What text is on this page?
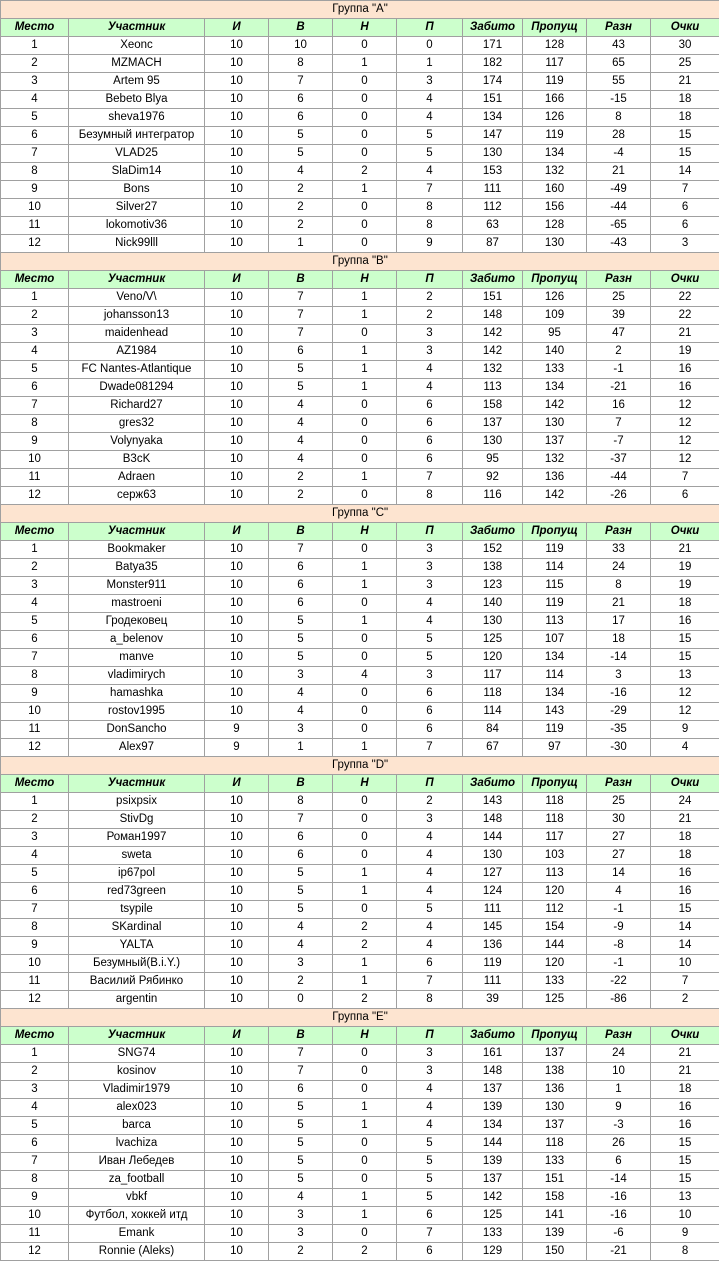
Группа "A"									
Место	Участник	И	В	Н	П	Забито	Пропущ	Разн	Очки
1	Xeonc	10	10	0	0	171	128	43	30
2	MZMACH	10	8	1	1	182	117	65	25
3	Artem 95	10	7	0	3	174	119	55	21
4	Bebeto Blya	10	6	0	4	151	166	-15	18
5	sheva1976	10	6	0	4	134	126	8	18
6	Безумный интегратор	10	5	0	5	147	119	28	15
7	VLAD25	10	5	0	5	130	134	-4	15
8	SlaDim14	10	4	2	4	153	132	21	14
9	Bons	10	2	1	7	111	160	-49	7
10	Silver27	10	2	0	8	112	156	-44	6
11	lokomotiv36	10	2	0	8	63	128	-65	6
12	Nick99lll	10	1	0	9	87	130	-43	3
Группа "B"									
Место	Участник	И	В	Н	П	Забито	Пропущ	Разн	Очки
1	Veno/V\	10	7	1	2	151	126	25	22
2	johansson13	10	7	1	2	148	109	39	22
3	maidenhead	10	7	0	3	142	95	47	21
4	AZ1984	10	6	1	3	142	140	2	19
5	FC Nantes-Atlantique	10	5	1	4	132	133	-1	16
6	Dwade081294	10	5	1	4	113	134	-21	16
7	Richard27	10	4	0	6	158	142	16	12
8	gres32	10	4	0	6	137	130	7	12
9	Volynyaka	10	4	0	6	130	137	-7	12
10	B3cK	10	4	0	6	95	132	-37	12
11	Adraen	10	2	1	7	92	136	-44	7
12	серж63	10	2	0	8	116	142	-26	6
Группа "C"									
Место	Участник	И	В	Н	П	Забито	Пропущ	Разн	Очки
1	Bookmaker	10	7	0	3	152	119	33	21
2	Batya35	10	6	1	3	138	114	24	19
3	Monster911	10	6	1	3	123	115	8	19
4	mastroeni	10	6	0	4	140	119	21	18
5	Гродековец	10	5	1	4	130	113	17	16
6	a_belenov	10	5	0	5	125	107	18	15
7	manve	10	5	0	5	120	134	-14	15
8	vladimirych	10	3	4	3	117	114	3	13
9	hamashka	10	4	0	6	118	134	-16	12
10	rostov1995	10	4	0	6	114	143	-29	12
11	DonSancho	9	3	0	6	84	119	-35	9
12	Alex97	9	1	1	7	67	97	-30	4
Группа "D"									
Место	Участник	И	В	Н	П	Забито	Пропущ	Разн	Очки
1	psixpsix	10	8	0	2	143	118	25	24
2	StivDg	10	7	0	3	148	118	30	21
3	Роман1997	10	6	0	4	144	117	27	18
4	sweta	10	6	0	4	130	103	27	18
5	ip67pol	10	5	1	4	127	113	14	16
6	red73green	10	5	1	4	124	120	4	16
7	tsypile	10	5	0	5	111	112	-1	15
8	SKardinal	10	4	2	4	145	154	-9	14
9	YALTA	10	4	2	4	136	144	-8	14
10	Безумный(B.i.Y.)	10	3	1	6	119	120	-1	10
11	Василий Рябинко	10	2	1	7	111	133	-22	7
12	argentin	10	0	2	8	39	125	-86	2
Группа "E"									
Место	Участник	И	В	Н	П	Забито	Пропущ	Разн	Очки
1	SNG74	10	7	0	3	161	137	24	21
2	kosinov	10	7	0	3	148	138	10	21
3	Vladimir1979	10	6	0	4	137	136	1	18
4	alex023	10	5	1	4	139	130	9	16
5	barca	10	5	1	4	134	137	-3	16
6	lvachiza	10	5	0	5	144	118	26	15
7	Иван Лебедев	10	5	0	5	139	133	6	15
8	za_football	10	5	0	5	137	151	-14	15
9	vbkf	10	4	1	5	142	158	-16	13
10	Футбол, хоккей итд	10	3	1	6	125	141	-16	10
11	Emank	10	3	0	7	133	139	-6	9
12	Ronnie (Aleks)	10	2	2	6	129	150	-21	8
